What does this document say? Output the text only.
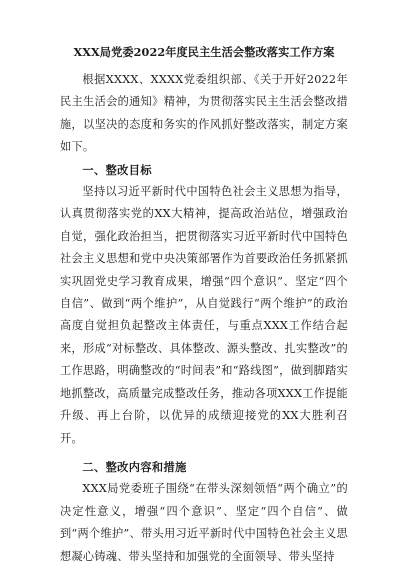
XXX局党委2022年度民主生活会整改落实工作方案

根据XXXX、XXXX党委组织部、《关于开好2022年民主生活会的通知》精神，为贯彻落实民主生活会整改措施，以坚决的态度和务实的作风抓好整改落实，制定方案如下。

一、整改目标

坚持以习近平新时代中国特色社会主义思想为指导，认真贯彻落实党的XX大精神，提高政治站位，增强政治自觉，强化政治担当，把贯彻落实习近平新时代中国特色社会主义思想和党中央决策部署作为首要政治任务抓紧抓实巩固党史学习教育成果，增强“四个意识”、坚定“四个自信”、做到“两个维护”，从自觉践行“两个维护”的政治高度自觉担负起整改主体责任，与重点XXX工作结合起来，形成“对标整改、具体整改、源头整改、扎实整改”的工作思路，明确整改的“时间表”和“路线图”，做到脚踏实地抓整改，高质量完成整改任务，推动各项XXX工作提能升级、再上台阶，以优异的成绩迎接党的XX大胜利召开。

二、整改内容和措施

XXX局党委班子围绕“在带头深刻领悟“两个确立”的决定性意义，增强“四个意识”、坚定“四个自信”、做到“两个维护”、带头用习近平新时代中国特色社会主义思想凝心铸魂、带头坚持和加强党的全面领导、带头坚持
